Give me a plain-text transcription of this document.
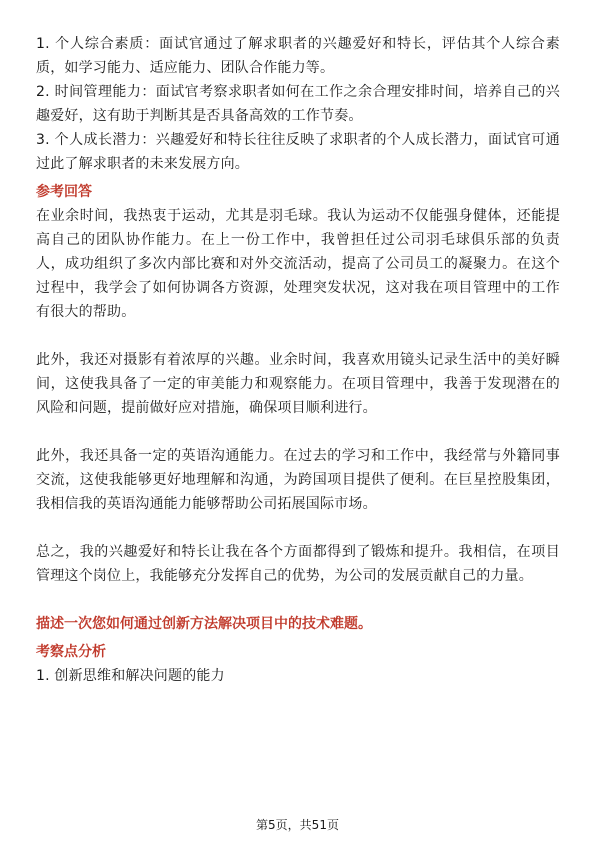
1. 个人综合素质：面试官通过了解求职者的兴趣爱好和特长，评估其个人综合素质，如学习能力、适应能力、团队合作能力等。

2. 时间管理能力：面试官考察求职者如何在工作之余合理安排时间，培养自己的兴趣爱好，这有助于判断其是否具备高效的工作节奏。

3. 个人成长潜力：兴趣爱好和特长往往反映了求职者的个人成长潜力，面试官可通过此了解求职者的未来发展方向。

参考回答

在业余时间，我热衷于运动，尤其是羽毛球。我认为运动不仅能强身健体，还能提高自己的团队协作能力。在上一份工作中，我曾担任过公司羽毛球俱乐部的负责人，成功组织了多次内部比赛和对外交流活动，提高了公司员工的凝聚力。在这个过程中，我学会了如何协调各方资源，处理突发状况，这对我在项目管理中的工作有很大的帮助。

此外，我还对摄影有着浓厚的兴趣。业余时间，我喜欢用镜头记录生活中的美好瞬间，这使我具备了一定的审美能力和观察能力。在项目管理中，我善于发现潜在的风险和问题，提前做好应对措施，确保项目顺利进行。

此外，我还具备一定的英语沟通能力。在过去的学习和工作中，我经常与外籍同事交流，这使我能够更好地理解和沟通，为跨国项目提供了便利。在巨星控股集团，我相信我的英语沟通能力能够帮助公司拓展国际市场。

总之，我的兴趣爱好和特长让我在各个方面都得到了锻炼和提升。我相信，在项目管理这个岗位上，我能够充分发挥自己的优势，为公司的发展贡献自己的力量。

描述一次您如何通过创新方法解决项目中的技术难题。

考察点分析

1. 创新思维和解决问题的能力

第5页，共51页
